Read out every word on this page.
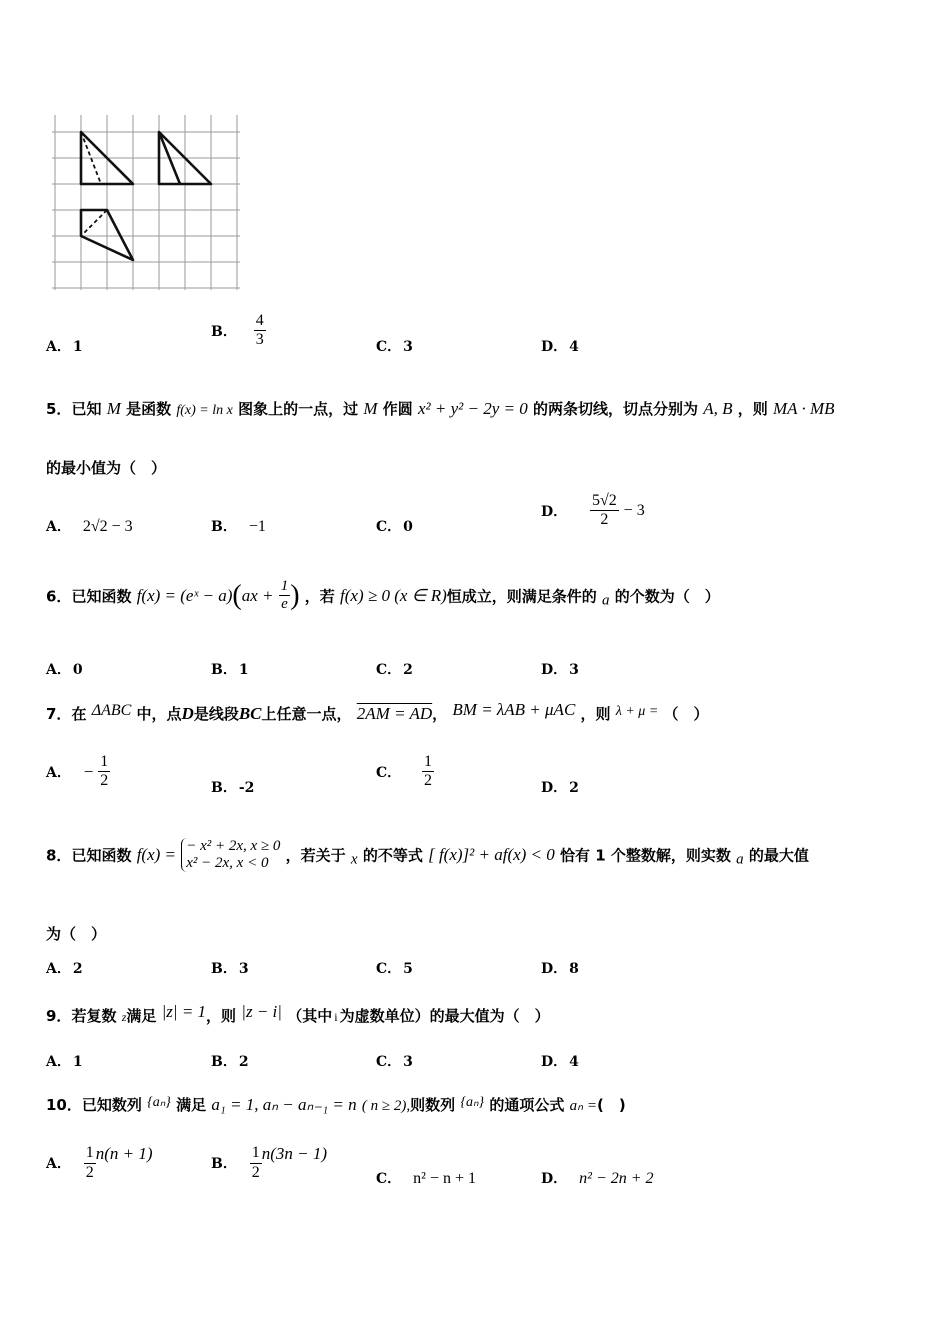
A． 1
B． $\frac{4}{3}$	C． 3	D． 4
5．已知 M 是函数 f(x) = ln x 图象上的一点，过 M 作圆 x² + y² − 2y = 0 的两条切线，切点分别为 A, B ，则 MA · MB
的最小值为（　）
A． 2√2 − 3	B． −1	C． 0
D． $\frac{5√2}{2} - 3$
6．已知函数 f(x) = (eˣ − $a)(ax + \frac{1}{e}$ ) ，若 f(x) ≥ 0 (x ∈ R)恒成立，则满足条件的 a 的个数为（　）
A． 0	B． 1	C． 2	D． 3
7．在 ΔABC 中，点D是线段BC上任意一点， 2AM = AD， BM = λAB + μAC ，则 λ + μ = （　）
A． − $\frac{1}{2}$	B． -2
C． $\frac{1}{2}$	D． 2
8．已知函数 f(x) = − x² + 2x, x ≥ 0
x² − 2x, x < 0	，若关于 x 的不等式 [ f(x)]² + af(x) < 0 恰有 1 个整数解，则实数 a 的最大值
为（　）
A． 2	B． 3	C． 5	D． 8
9．若复数 z满足 |z| = 1，则 |z − i| （其中 i 为虚数单位）的最大值为（　）
A． 1	B． 2	C． 3	D． 4
10．已知数列 {aₙ} 满足 a₁ = 1, aₙ − aₙ₋₁ = n ( n ≥ 2),则数列 {aₙ} 的通项公式 aₙ =(　)
A． $\frac{1}{2} n(n + 1)$
B． $\frac{1}{2} n(3n - 1)$
C． n² − n + 1	D． n² − 2n + 2
